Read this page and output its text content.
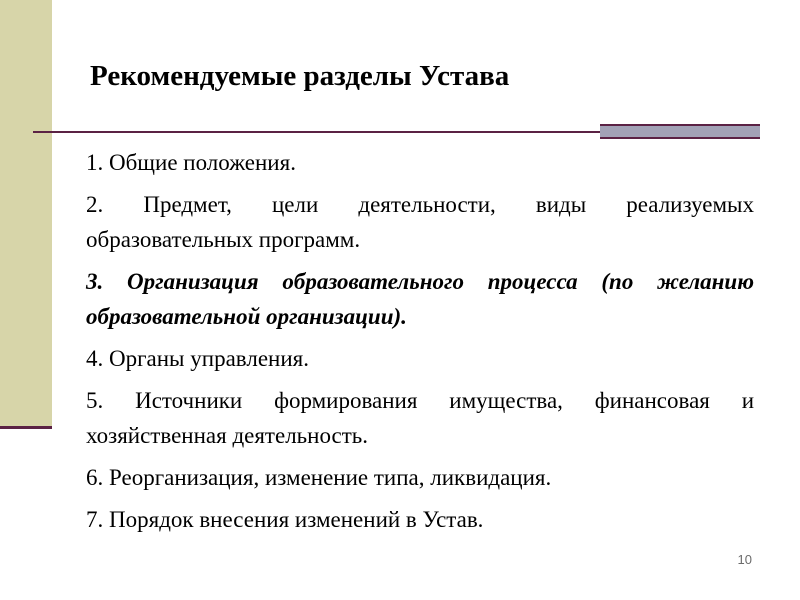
Рекомендуемые разделы Устава
1. Общие положения.
2. Предмет, цели деятельности, виды реализуемых образовательных программ.
3. Организация образовательного процесса (по желанию образовательной организации).
4. Органы управления.
5. Источники формирования имущества, финансовая и хозяйственная деятельность.
6. Реорганизация, изменение типа, ликвидация.
7. Порядок внесения изменений в Устав.
10
